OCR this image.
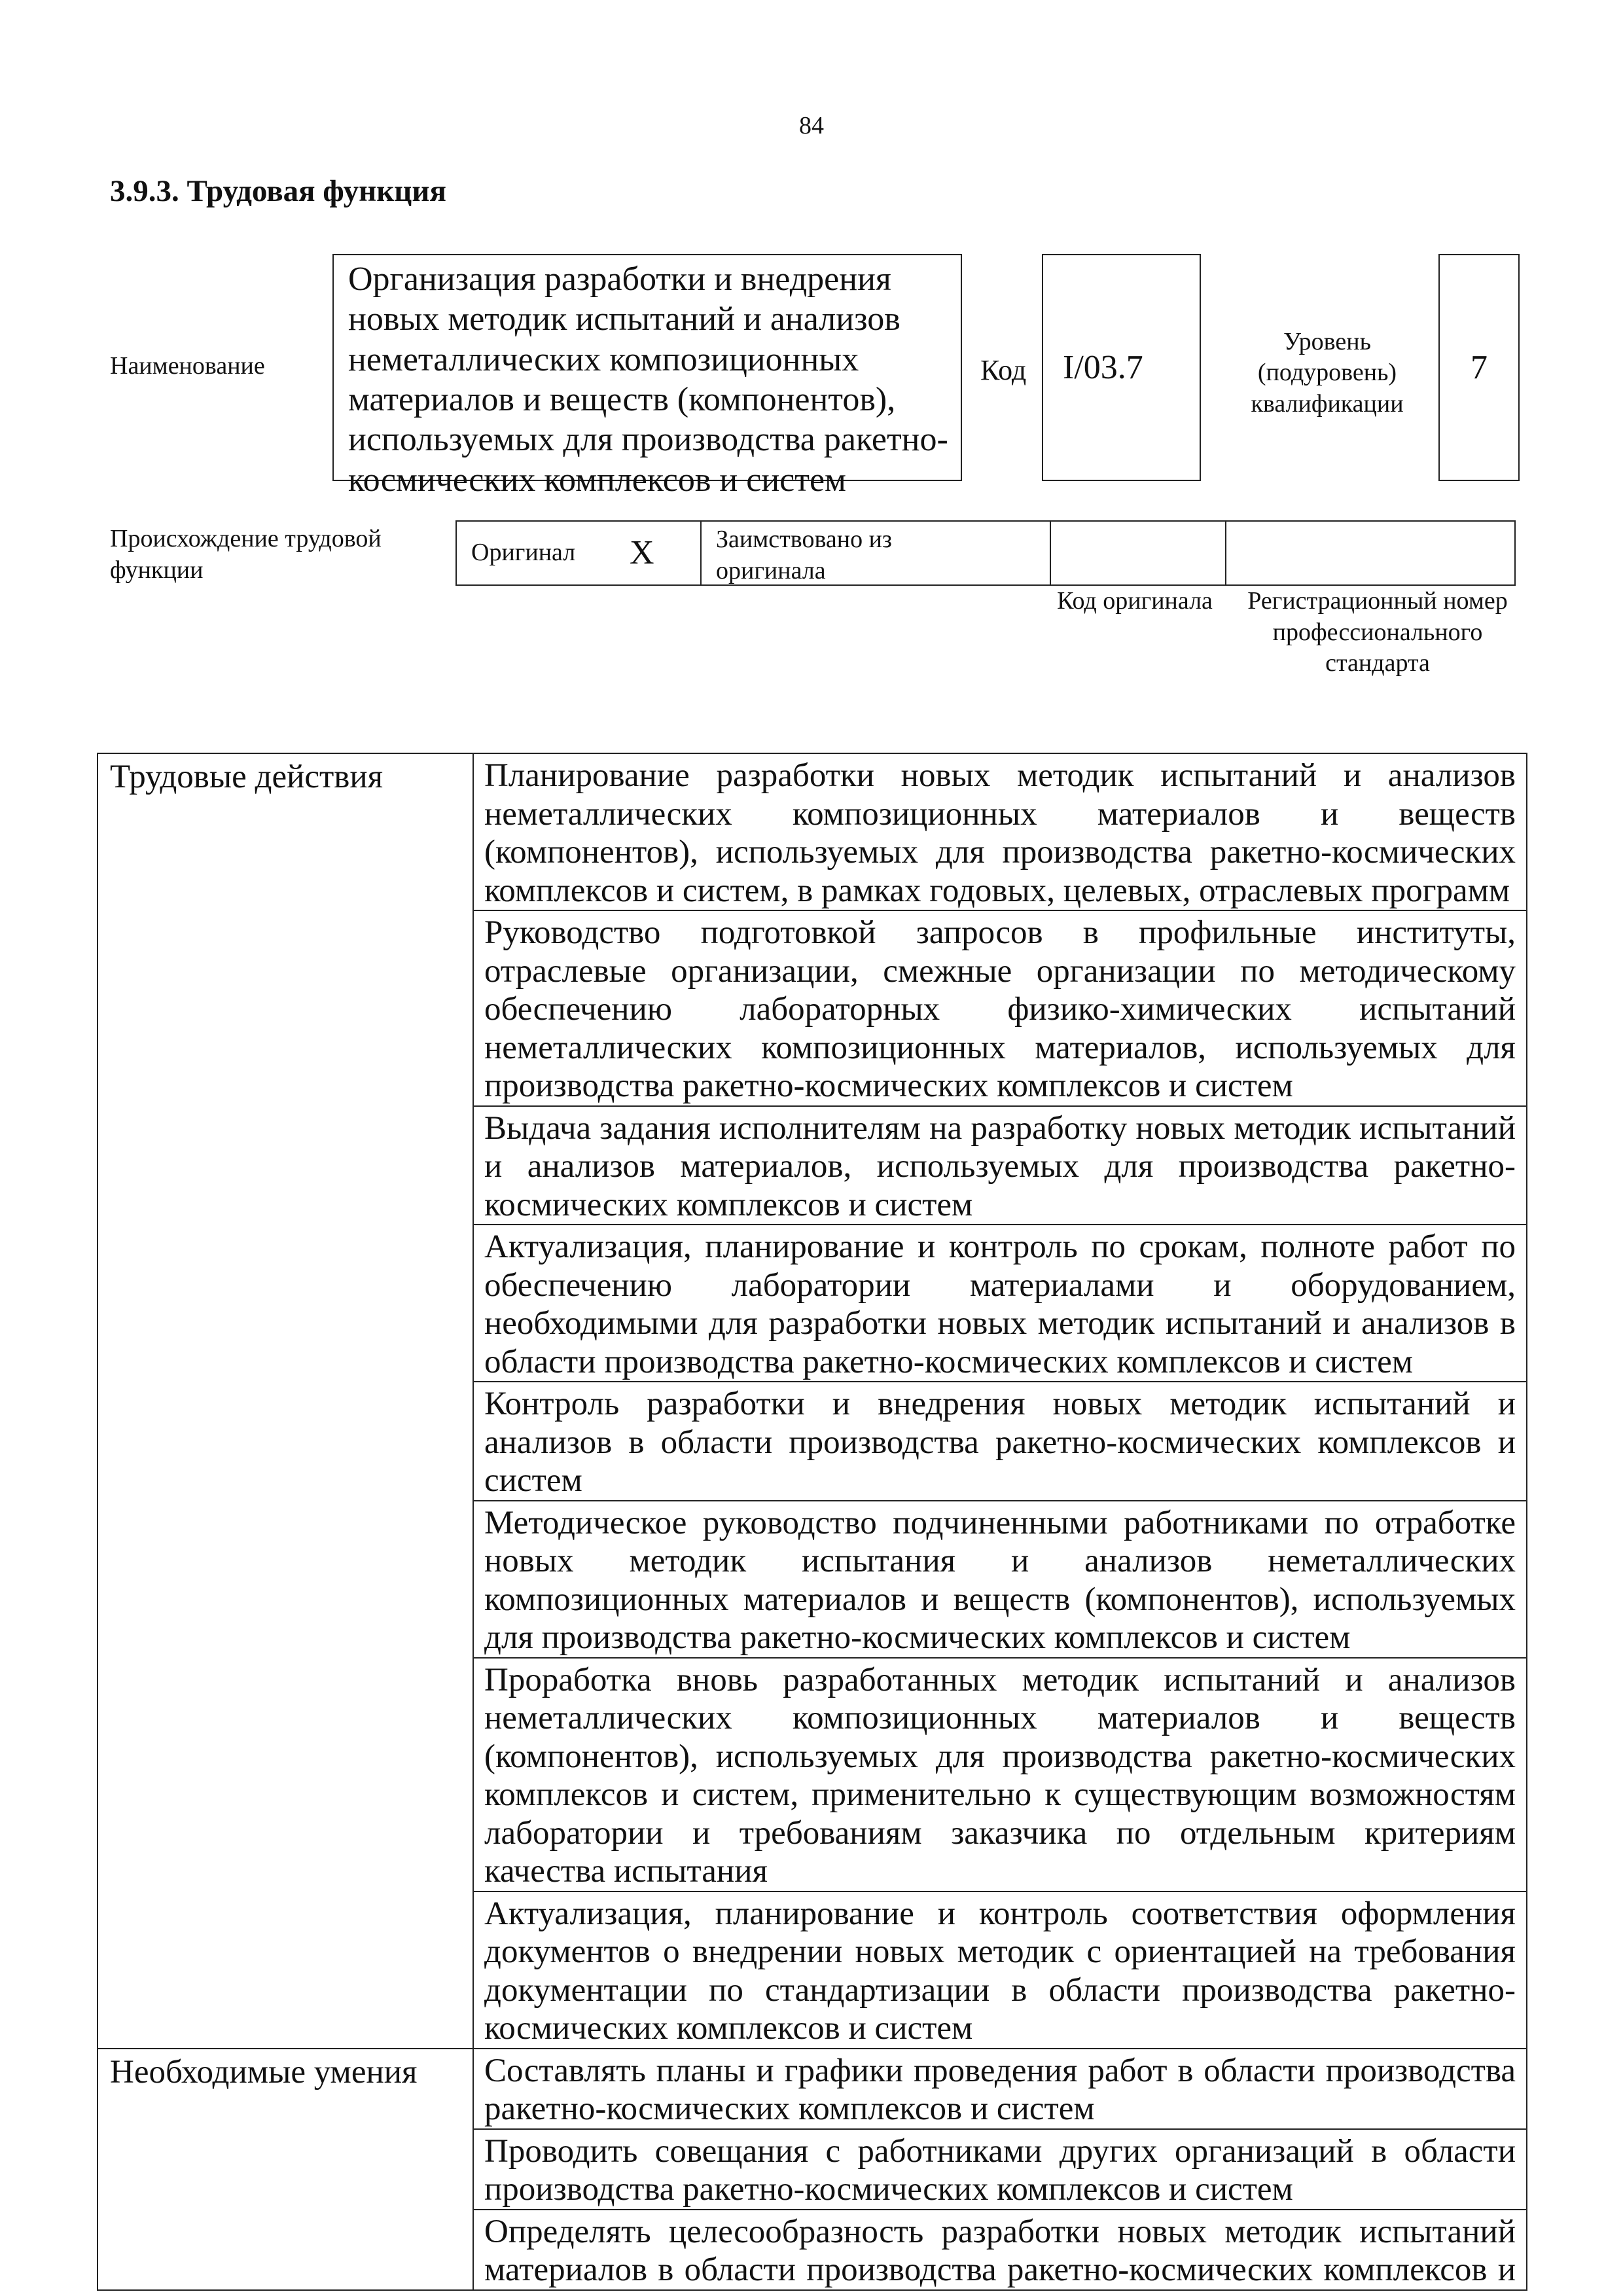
84
3.9.3. Трудовая функция
Наименование
Организация разработки и внедрения новых методик испытаний и анализов неметаллических композиционных материалов и веществ (компонентов), используемых для производства ракетно-космических комплексов и систем
Код I/03.7
Уровень (подуровень) квалификации
7
Происхождение трудовой функции
Оригинал X Заимствовано из оригинала
Код оригинала	Регистрационный номер профессионального стандарта
Трудовые действия	Планирование разработки новых методик испытаний и анализов неметаллических композиционных материалов и веществ (компонентов), используемых для производства ракетно-космических комплексов и систем, в рамках годовых, целевых, отраслевых программ
	Руководство подготовкой запросов в профильные институты, отраслевые организации, смежные организации по методическому обеспечению лабораторных физико-химических испытаний неметаллических композиционных материалов, используемых для производства ракетно-космических комплексов и систем
	Выдача задания исполнителям на разработку новых методик испытаний и анализов материалов, используемых для производства ракетно-космических комплексов и систем
	Актуализация, планирование и контроль по срокам, полноте работ по обеспечению лаборатории материалами и оборудованием, необходимыми для разработки новых методик испытаний и анализов в области производства ракетно-космических комплексов и систем
	Контроль разработки и внедрения новых методик испытаний и анализов в области производства ракетно-космических комплексов и систем
	Методическое руководство подчиненными работниками по отработке новых методик испытания и анализов неметаллических композиционных материалов и веществ (компонентов), используемых для производства ракетно-космических комплексов и систем
	Проработка вновь разработанных методик испытаний и анализов неметаллических композиционных материалов и веществ (компонентов), используемых для производства ракетно-космических комплексов и систем, применительно к существующим возможностям лаборатории и требованиям заказчика по отдельным критериям качества испытания
	Актуализация, планирование и контроль соответствия оформления документов о внедрении новых методик с ориентацией на требования документации по стандартизации в области производства ракетно-космических комплексов и систем
Необходимые умения	Составлять планы и графики проведения работ в области производства ракетно-космических комплексов и систем
	Проводить совещания с работниками других организаций в области производства ракетно-космических комплексов и систем
	Определять целесообразность разработки новых методик испытаний материалов в области производства ракетно-космических комплексов и
